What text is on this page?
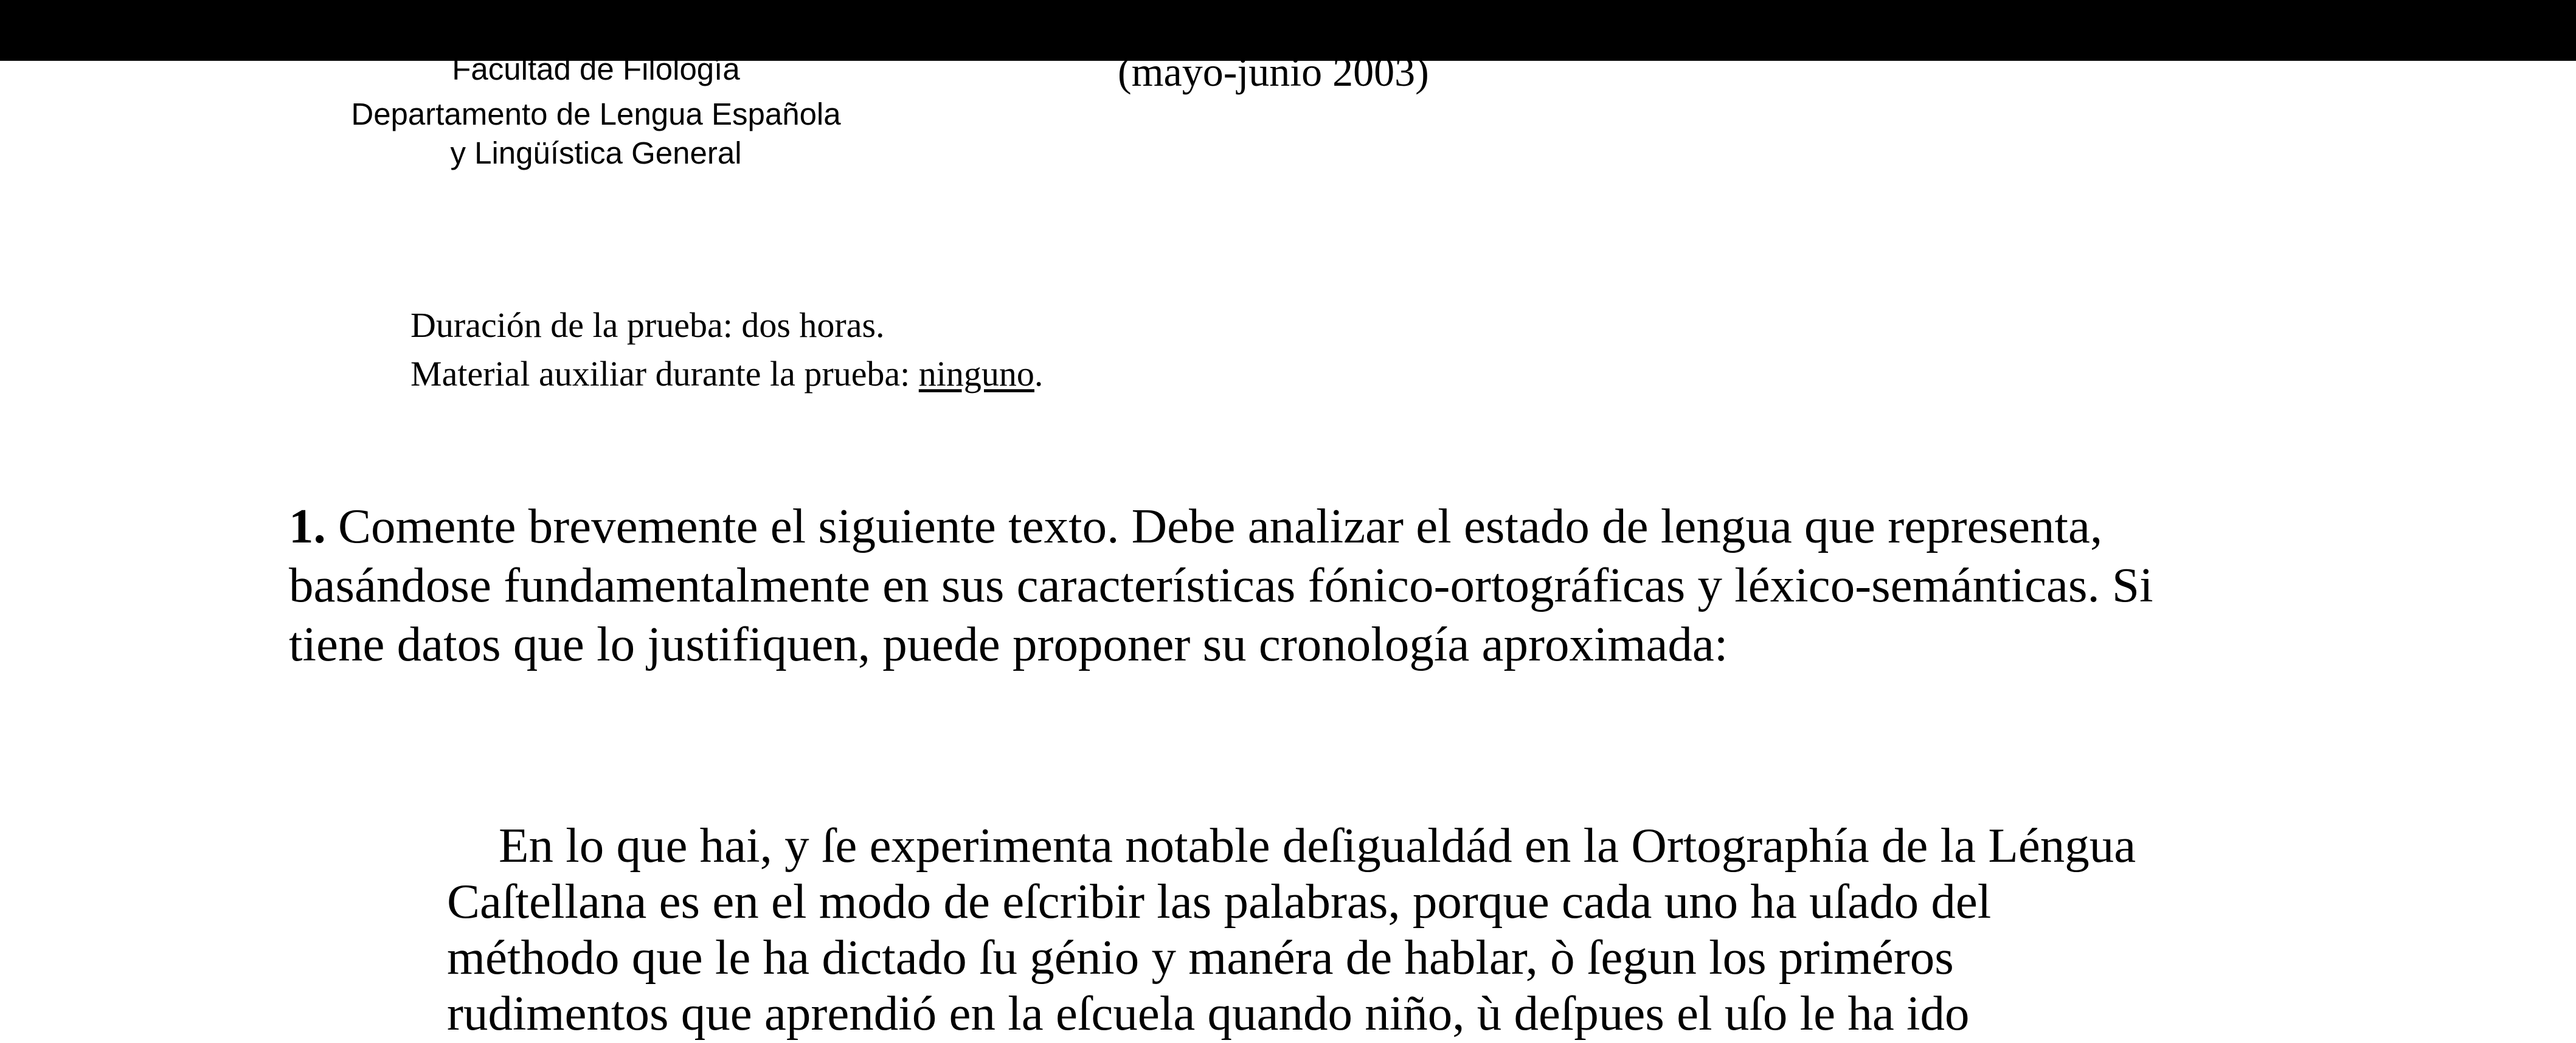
Facultad de Filología
Departamento de Lengua Española
y Lingüística General
(mayo-junio 2003)
Duración de la prueba: dos horas.
Material auxiliar durante la prueba: ninguno.
1. Comente brevemente el siguiente texto. Debe analizar el estado de lengua que representa,
basándose fundamentalmente en sus características fónico-ortográficas y léxico-semánticas. Si
tiene datos que lo justifiquen, puede proponer su cronología aproximada:
En lo que hai, y ſe experimenta notable deſigualdád en la Ortographía de la Léngua
Caſtellana es en el modo de eſcribir las palabras, porque cada uno ha uſado del
méthodo que le ha dictado ſu génio y manéra de hablar, ò ſegun los priméros
rudimentos que aprendió en la eſcuela quando niño, ù deſpues el uſo le ha ido
